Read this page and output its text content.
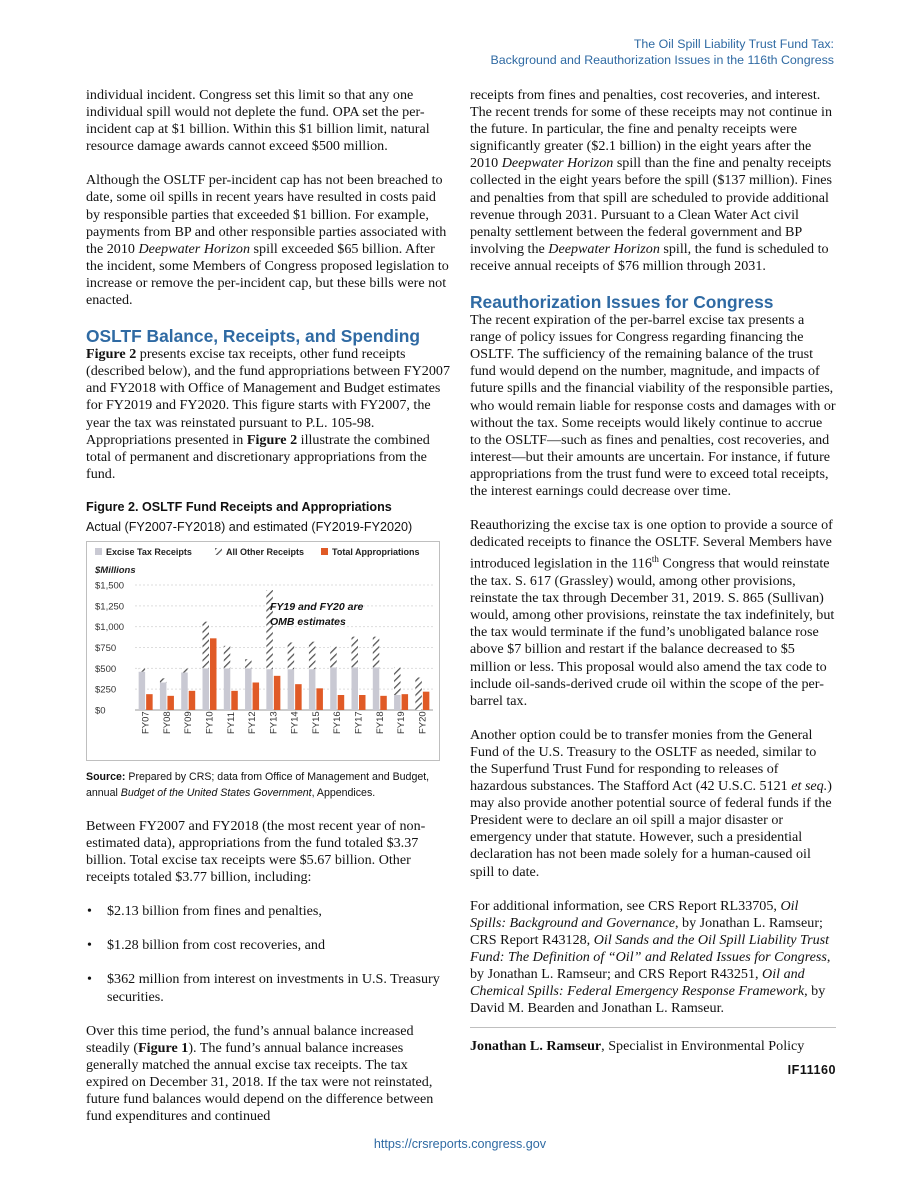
The Oil Spill Liability Trust Fund Tax:
Background and Reauthorization Issues in the 116th Congress

individual incident. Congress set this limit so that any one individual spill would not deplete the fund. OPA set the per-incident cap at $1 billion. Within this $1 billion limit, natural resource damage awards cannot exceed $500 million.

Although the OSLTF per-incident cap has not been breached to date, some oil spills in recent years have resulted in costs paid by responsible parties that exceeded $1 billion. For example, payments from BP and other responsible parties associated with the 2010 Deepwater Horizon spill exceeded $65 billion. After the incident, some Members of Congress proposed legislation to increase or remove the per-incident cap, but these bills were not enacted.

OSLTF Balance, Receipts, and Spending

Figure 2 presents excise tax receipts, other fund receipts (described below), and the fund appropriations between FY2007 and FY2018 with Office of Management and Budget estimates for FY2019 and FY2020. This figure starts with FY2007, the year the tax was reinstated pursuant to P.L. 105-98. Appropriations presented in Figure 2 illustrate the combined total of permanent and discretionary appropriations from the fund.

Figure 2. OSLTF Fund Receipts and Appropriations
Actual (FY2007-FY2018) and estimated (FY2019-FY2020)
Excise Tax Receipts	All Other Receipts	Total Appropriations
$Millions
$0
$250
$500
$750
$1,000
$1,250
$1,500
FY07 FY08 FY09 FY10 FY11 FY12 FY13 FY14 FY15 FY16 FY17 FY18 FY19 FY20
FY19 and FY20 are
OMB estimates
Source: Prepared by CRS; data from Office of Management and Budget, annual Budget of the United States Government, Appendices.

Between FY2007 and FY2018 (the most recent year of non-estimated data), appropriations from the fund totaled $3.37 billion. Total excise tax receipts were $5.67 billion. Other receipts totaled $3.77 billion, including:

• $2.13 billion from fines and penalties,
• $1.28 billion from cost recoveries, and
• $362 million from interest on investments in U.S. Treasury securities.

Over this time period, the fund’s annual balance increased steadily (Figure 1). The fund’s annual balance increases generally matched the annual excise tax receipts. The tax expired on December 31, 2018. If the tax were not reinstated, future fund balances would depend on the difference between fund expenditures and continued

receipts from fines and penalties, cost recoveries, and interest. The recent trends for some of these receipts may not continue in the future. In particular, the fine and penalty receipts were significantly greater ($2.1 billion) in the eight years after the 2010 Deepwater Horizon spill than the fine and penalty receipts collected in the eight years before the spill ($137 million). Fines and penalties from that spill are scheduled to provide additional revenue through 2031. Pursuant to a Clean Water Act civil penalty settlement between the federal government and BP involving the Deepwater Horizon spill, the fund is scheduled to receive annual receipts of $76 million through 2031.

Reauthorization Issues for Congress

The recent expiration of the per-barrel excise tax presents a range of policy issues for Congress regarding financing the OSLTF. The sufficiency of the remaining balance of the trust fund would depend on the number, magnitude, and impacts of future spills and the financial viability of the responsible parties, who would remain liable for response costs and damages with or without the tax. Some receipts would likely continue to accrue to the OSLTF—such as fines and penalties, cost recoveries, and interest—but their amounts are uncertain. For instance, if future appropriations from the trust fund were to exceed total receipts, the interest earnings could decrease over time.

Reauthorizing the excise tax is one option to provide a source of dedicated receipts to finance the OSLTF. Several Members have introduced legislation in the 116th Congress that would reinstate the tax. S. 617 (Grassley) would, among other provisions, reinstate the tax through December 31, 2019. S. 865 (Sullivan) would, among other provisions, reinstate the tax indefinitely, but the tax would terminate if the fund’s unobligated balance rose above $7 billion and restart if the balance decreased to $5 million or less. This proposal would also amend the tax code to include oil-sands-derived crude oil within the scope of the per-barrel tax.

Another option could be to transfer monies from the General Fund of the U.S. Treasury to the OSLTF as needed, similar to the Superfund Trust Fund for responding to releases of hazardous substances. The Stafford Act (42 U.S.C. 5121 et seq.) may also provide another potential source of federal funds if the President were to declare an oil spill a major disaster or emergency under that statute. However, such a presidential declaration has not been made solely for a human-caused oil spill to date.

For additional information, see CRS Report RL33705, Oil Spills: Background and Governance, by Jonathan L. Ramseur; CRS Report R43128, Oil Sands and the Oil Spill Liability Trust Fund: The Definition of “Oil” and Related Issues for Congress, by Jonathan L. Ramseur; and CRS Report R43251, Oil and Chemical Spills: Federal Emergency Response Framework, by David M. Bearden and Jonathan L. Ramseur.

Jonathan L. Ramseur, Specialist in Environmental Policy
IF11160
https://crsreports.congress.gov
